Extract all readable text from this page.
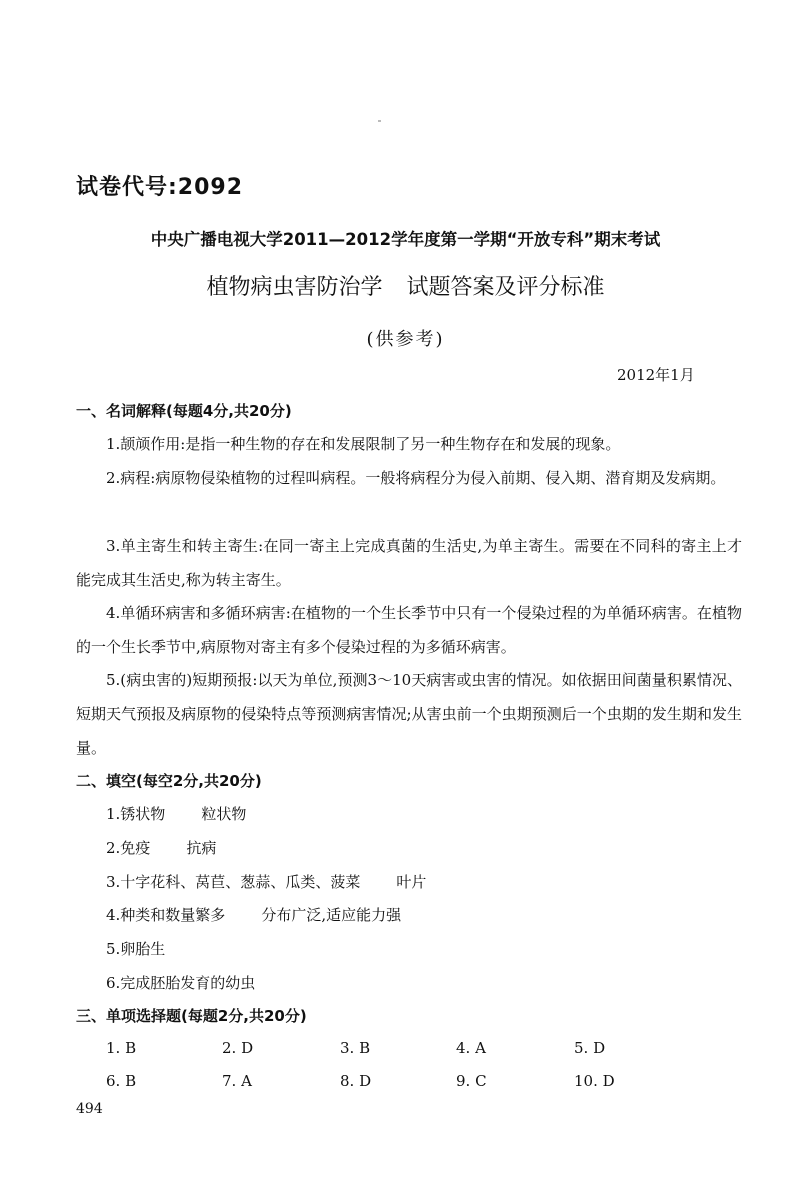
试卷代号:2092
中央广播电视大学2011—2012学年度第一学期“开放专科”期末考试
植物病虫害防治学 试题答案及评分标准
(供参考)
2012年1月
一、名词解释(每题4分,共20分)
1.颉颃作用:是指一种生物的存在和发展限制了另一种生物存在和发展的现象。
2.病程:病原物侵染植物的过程叫病程。一般将病程分为侵入前期、侵入期、潜育期及发病期。
3.单主寄生和转主寄生:在同一寄主上完成真菌的生活史,为单主寄生。需要在不同科的寄主上才能完成其生活史,称为转主寄生。
4.单循环病害和多循环病害:在植物的一个生长季节中只有一个侵染过程的为单循环病害。在植物的一个生长季节中,病原物对寄主有多个侵染过程的为多循环病害。
5.(病虫害的)短期预报:以天为单位,预测3～10天病害或虫害的情况。如依据田间菌量积累情况、短期天气预报及病原物的侵染特点等预测病害情况;从害虫前一个虫期预测后一个虫期的发生期和发生量。
二、填空(每空2分,共20分)
1.锈状物 粒状物
2.免疫 抗病
3.十字花科、莴苣、葱蒜、瓜类、菠菜 叶片
4.种类和数量繁多 分布广泛,适应能力强
5.卵胎生
6.完成胚胎发育的幼虫
三、单项选择题(每题2分,共20分)
1. B	2. D	3. B	4. A	5. D
6. B	7. A	8. D	9. C	10. D
494
